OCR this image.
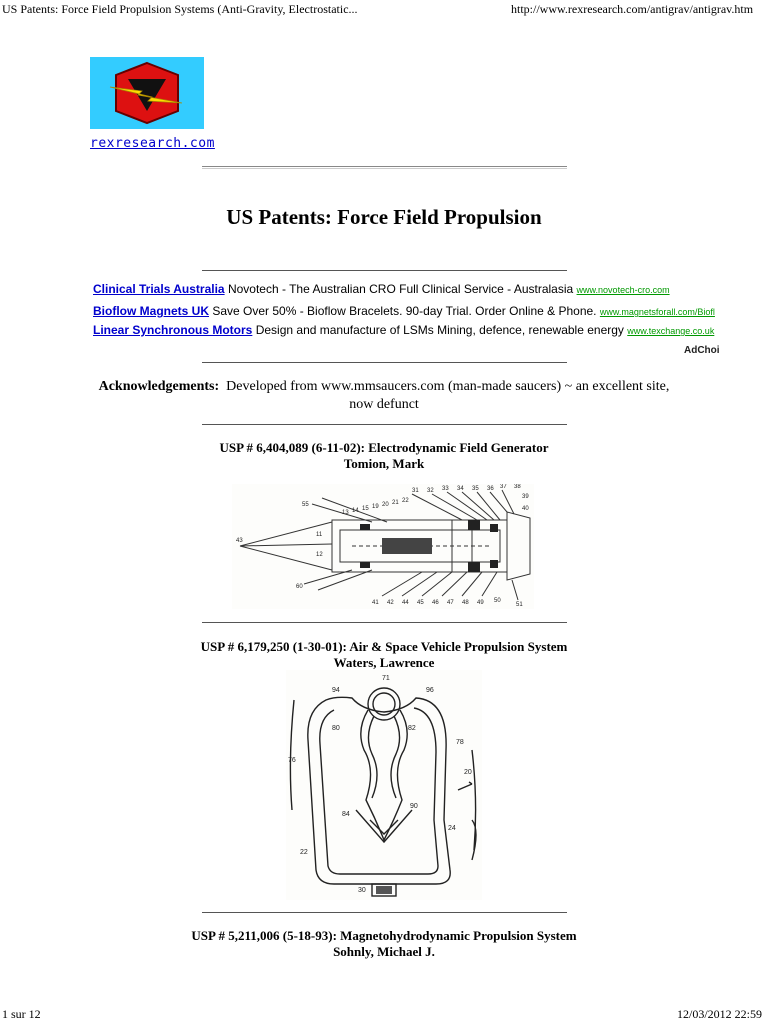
US Patents: Force Field Propulsion Systems (Anti-Gravity, Electrostatic...	http://www.rexresearch.com/antigrav/antigrav.htm
rexresearch.com
US Patents: Force Field Propulsion
Clinical Trials Australia Novotech - The Australian CRO Full Clinical Service - Australasia www.novotech-cro.com
Bioflow Magnets UK Save Over 50% - Bioflow Bracelets. 90-day Trial. Order Online & Phone. www.magnetsforall.com/Biofl
Linear Synchronous Motors Design and manufacture of LSMs Mining, defence, renewable energy www.texchange.co.uk
AdChoi
Acknowledgements: Developed from www.mmsaucers.com (man-made saucers) ~ an excellent site, now defunct
USP # 6,404,089 (6-11-02): Electrodynamic Field Generator
Tomion, Mark
43
11
12
13 14 15 19 20 21 22
31 32 33 34 35 36 37 38
39
40
41 42 44 45 46 47 48 49 50
51
55
60
USP # 6,179,250 (1-30-01): Air & Space Vehicle Propulsion System
Waters, Lawrence
71
94	96
80	82
76
78
20
84
90
24
22
30
USP # 5,211,006 (5-18-93): Magnetohydrodynamic Propulsion System
Sohnly, Michael J.
1 sur 12	12/03/2012 22:59
